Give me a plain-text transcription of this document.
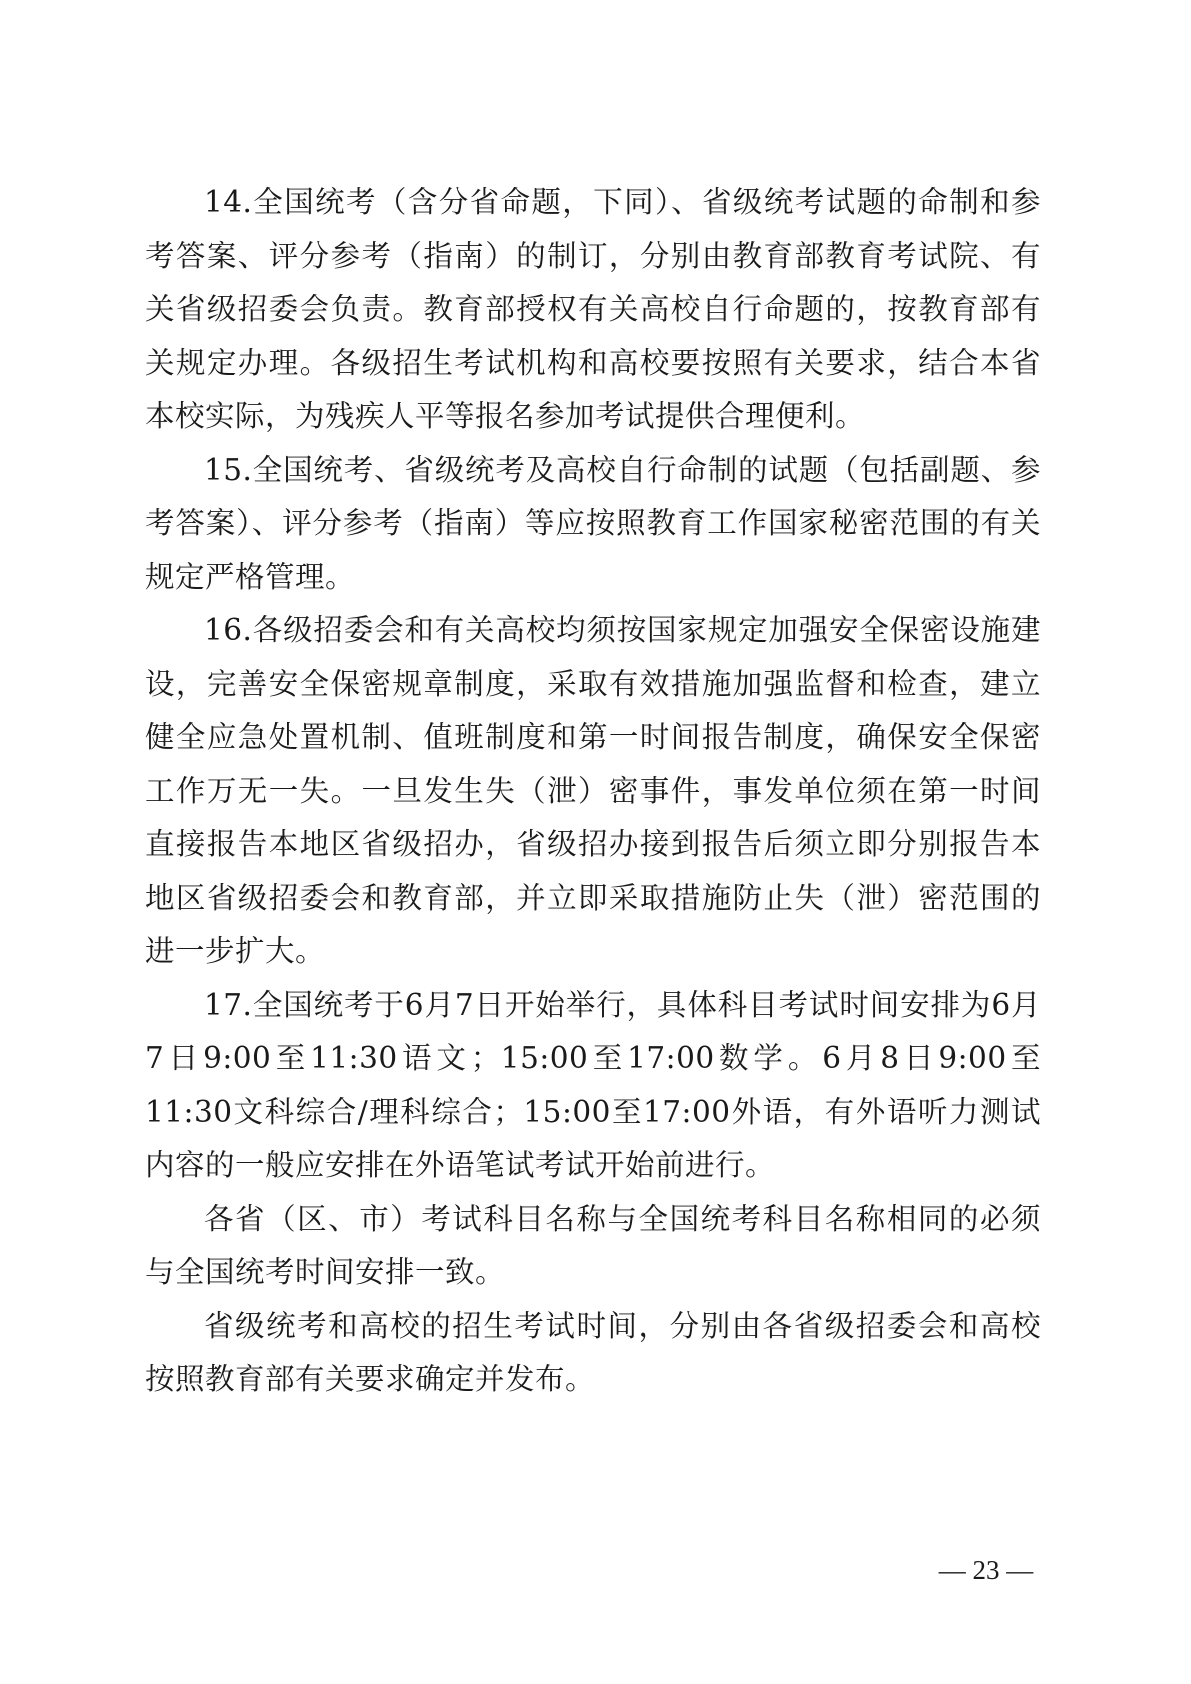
14.全国统考（含分省命题，下同）、省级统考试题的命制和参考答案、评分参考（指南）的制订，分别由教育部教育考试院、有关省级招委会负责。教育部授权有关高校自行命题的，按教育部有关规定办理。各级招生考试机构和高校要按照有关要求，结合本省本校实际，为残疾人平等报名参加考试提供合理便利。

15.全国统考、省级统考及高校自行命制的试题（包括副题、参考答案）、评分参考（指南）等应按照教育工作国家秘密范围的有关规定严格管理。

16.各级招委会和有关高校均须按国家规定加强安全保密设施建设，完善安全保密规章制度，采取有效措施加强监督和检查，建立健全应急处置机制、值班制度和第一时间报告制度，确保安全保密工作万无一失。一旦发生失（泄）密事件，事发单位须在第一时间直接报告本地区省级招办，省级招办接到报告后须立即分别报告本地区省级招委会和教育部，并立即采取措施防止失（泄）密范围的进一步扩大。

17.全国统考于6月7日开始举行，具体科目考试时间安排为6月7日9:00至11:30语文；15:00至17:00数学。6月8日9:00至11:30文科综合/理科综合；15:00至17:00外语，有外语听力测试内容的一般应安排在外语笔试考试开始前进行。

各省（区、市）考试科目名称与全国统考科目名称相同的必须与全国统考时间安排一致。

省级统考和高校的招生考试时间，分别由各省级招委会和高校按照教育部有关要求确定并发布。

— 23 —
